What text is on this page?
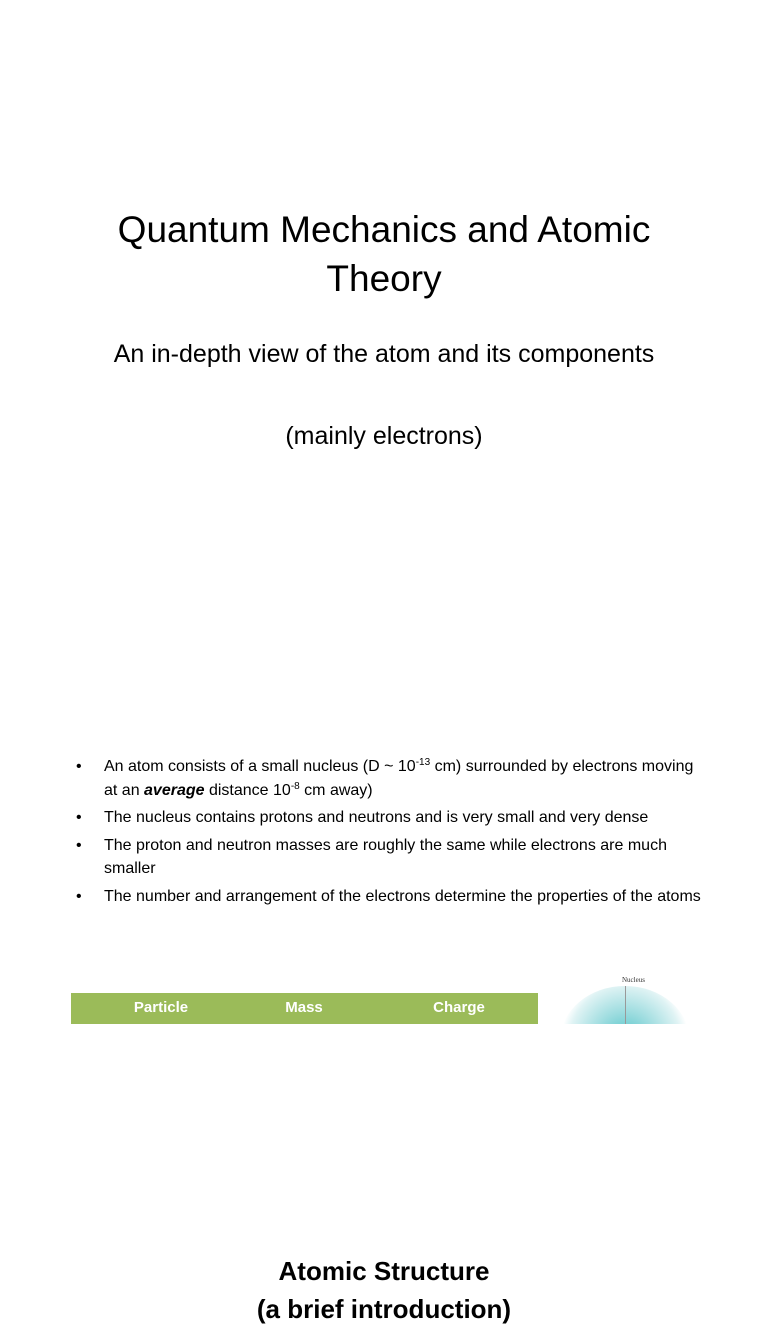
Quantum Mechanics and Atomic Theory
An in-depth view of the atom and its components
(mainly electrons)
Atomic Structure
(a brief introduction)
• An atom consists of a small nucleus (D ~ $10^{-13}$ cm) surrounded by electrons moving at an average distance $10^{-8}$ cm away)
• The nucleus contains protons and neutrons and is very small and very dense
• The proton and neutron masses are roughly the same while electrons are much smaller
• The number and arrangement of the electrons determine the properties of the atoms
Particle	Mass	Charge
Nucleus
